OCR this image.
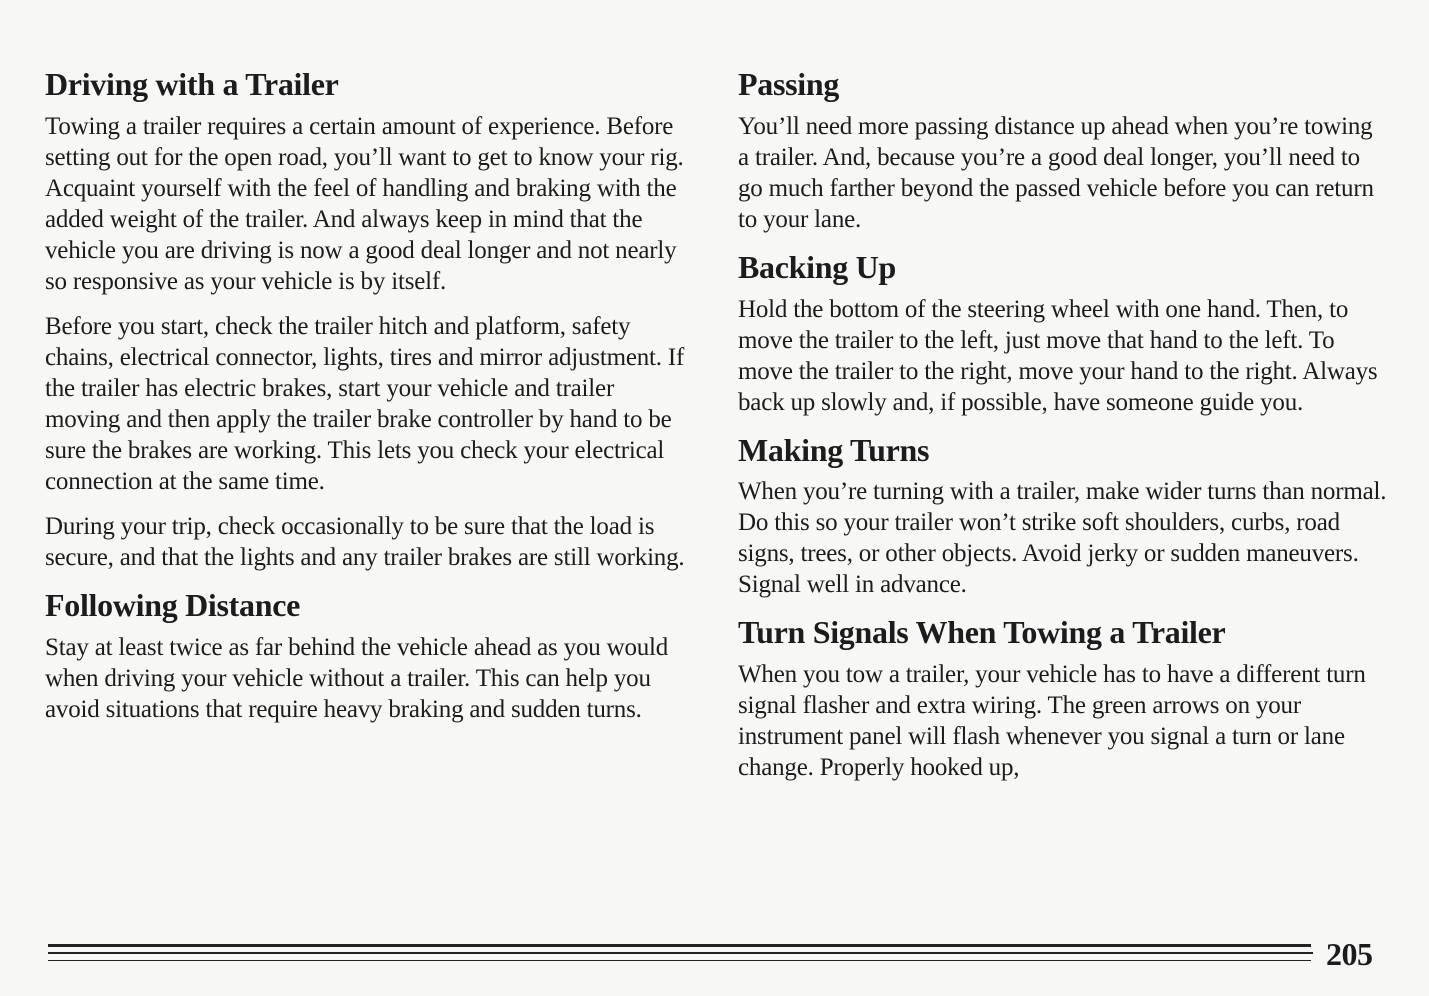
Driving with a Trailer

Towing a trailer requires a certain amount of experience. Before setting out for the open road, you’ll want to get to know your rig. Acquaint yourself with the feel of handling and braking with the added weight of the trailer. And always keep in mind that the vehicle you are driving is now a good deal longer and not nearly so responsive as your vehicle is by itself.

Before you start, check the trailer hitch and platform, safety chains, electrical connector, lights, tires and mirror adjustment. If the trailer has electric brakes, start your vehicle and trailer moving and then apply the trailer brake controller by hand to be sure the brakes are working. This lets you check your electrical connection at the same time.

During your trip, check occasionally to be sure that the load is secure, and that the lights and any trailer brakes are still working.

Following Distance

Stay at least twice as far behind the vehicle ahead as you would when driving your vehicle without a trailer. This can help you avoid situations that require heavy braking and sudden turns.

Passing

You’ll need more passing distance up ahead when you’re towing a trailer. And, because you’re a good deal longer, you’ll need to go much farther beyond the passed vehicle before you can return to your lane.

Backing Up

Hold the bottom of the steering wheel with one hand. Then, to move the trailer to the left, just move that hand to the left. To move the trailer to the right, move your hand to the right. Always back up slowly and, if possible, have someone guide you.

Making Turns

When you’re turning with a trailer, make wider turns than normal. Do this so your trailer won’t strike soft shoulders, curbs, road signs, trees, or other objects. Avoid jerky or sudden maneuvers. Signal well in advance.

Turn Signals When Towing a Trailer

When you tow a trailer, your vehicle has to have a different turn signal flasher and extra wiring. The green arrows on your instrument panel will flash whenever you signal a turn or lane change. Properly hooked up,

205
